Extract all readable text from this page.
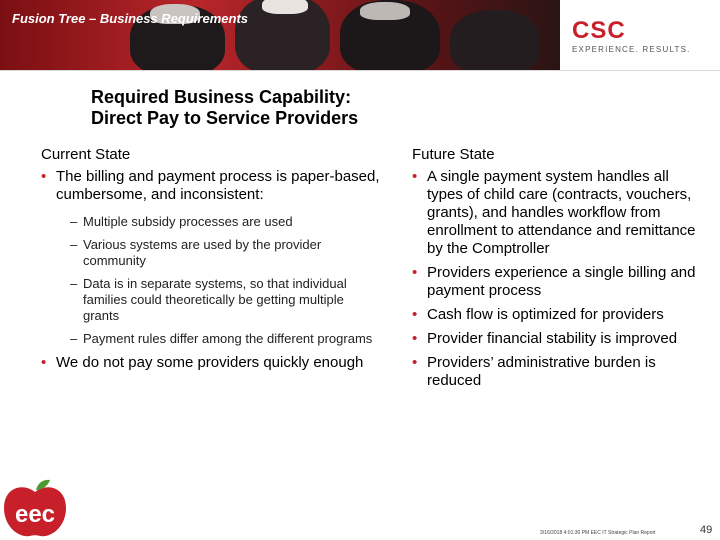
Fusion Tree – Business Requirements	CSC
EXPERIENCE. RESULTS.
Required Business Capability:
Direct Pay to Service Providers
Current State
• The billing and payment process is paper-based, cumbersome, and inconsistent:
– Multiple subsidy processes are used
– Various systems are used by the provider community
– Data is in separate systems, so that individual families could theoretically be getting multiple grants
– Payment rules differ among the different programs
• We do not pay some providers quickly enough
Future State
• A single payment system handles all types of child care (contracts, vouchers, grants), and handles workflow from enrollment to attendance and remittance by the Comptroller
• Providers experience a single billing and payment process
• Cash flow is optimized for providers
• Provider financial stability is improved
• Providers’ administrative burden is reduced
eec
3/16/2018 4:01:30 PM EEC IT Strategic Plan Report	49
